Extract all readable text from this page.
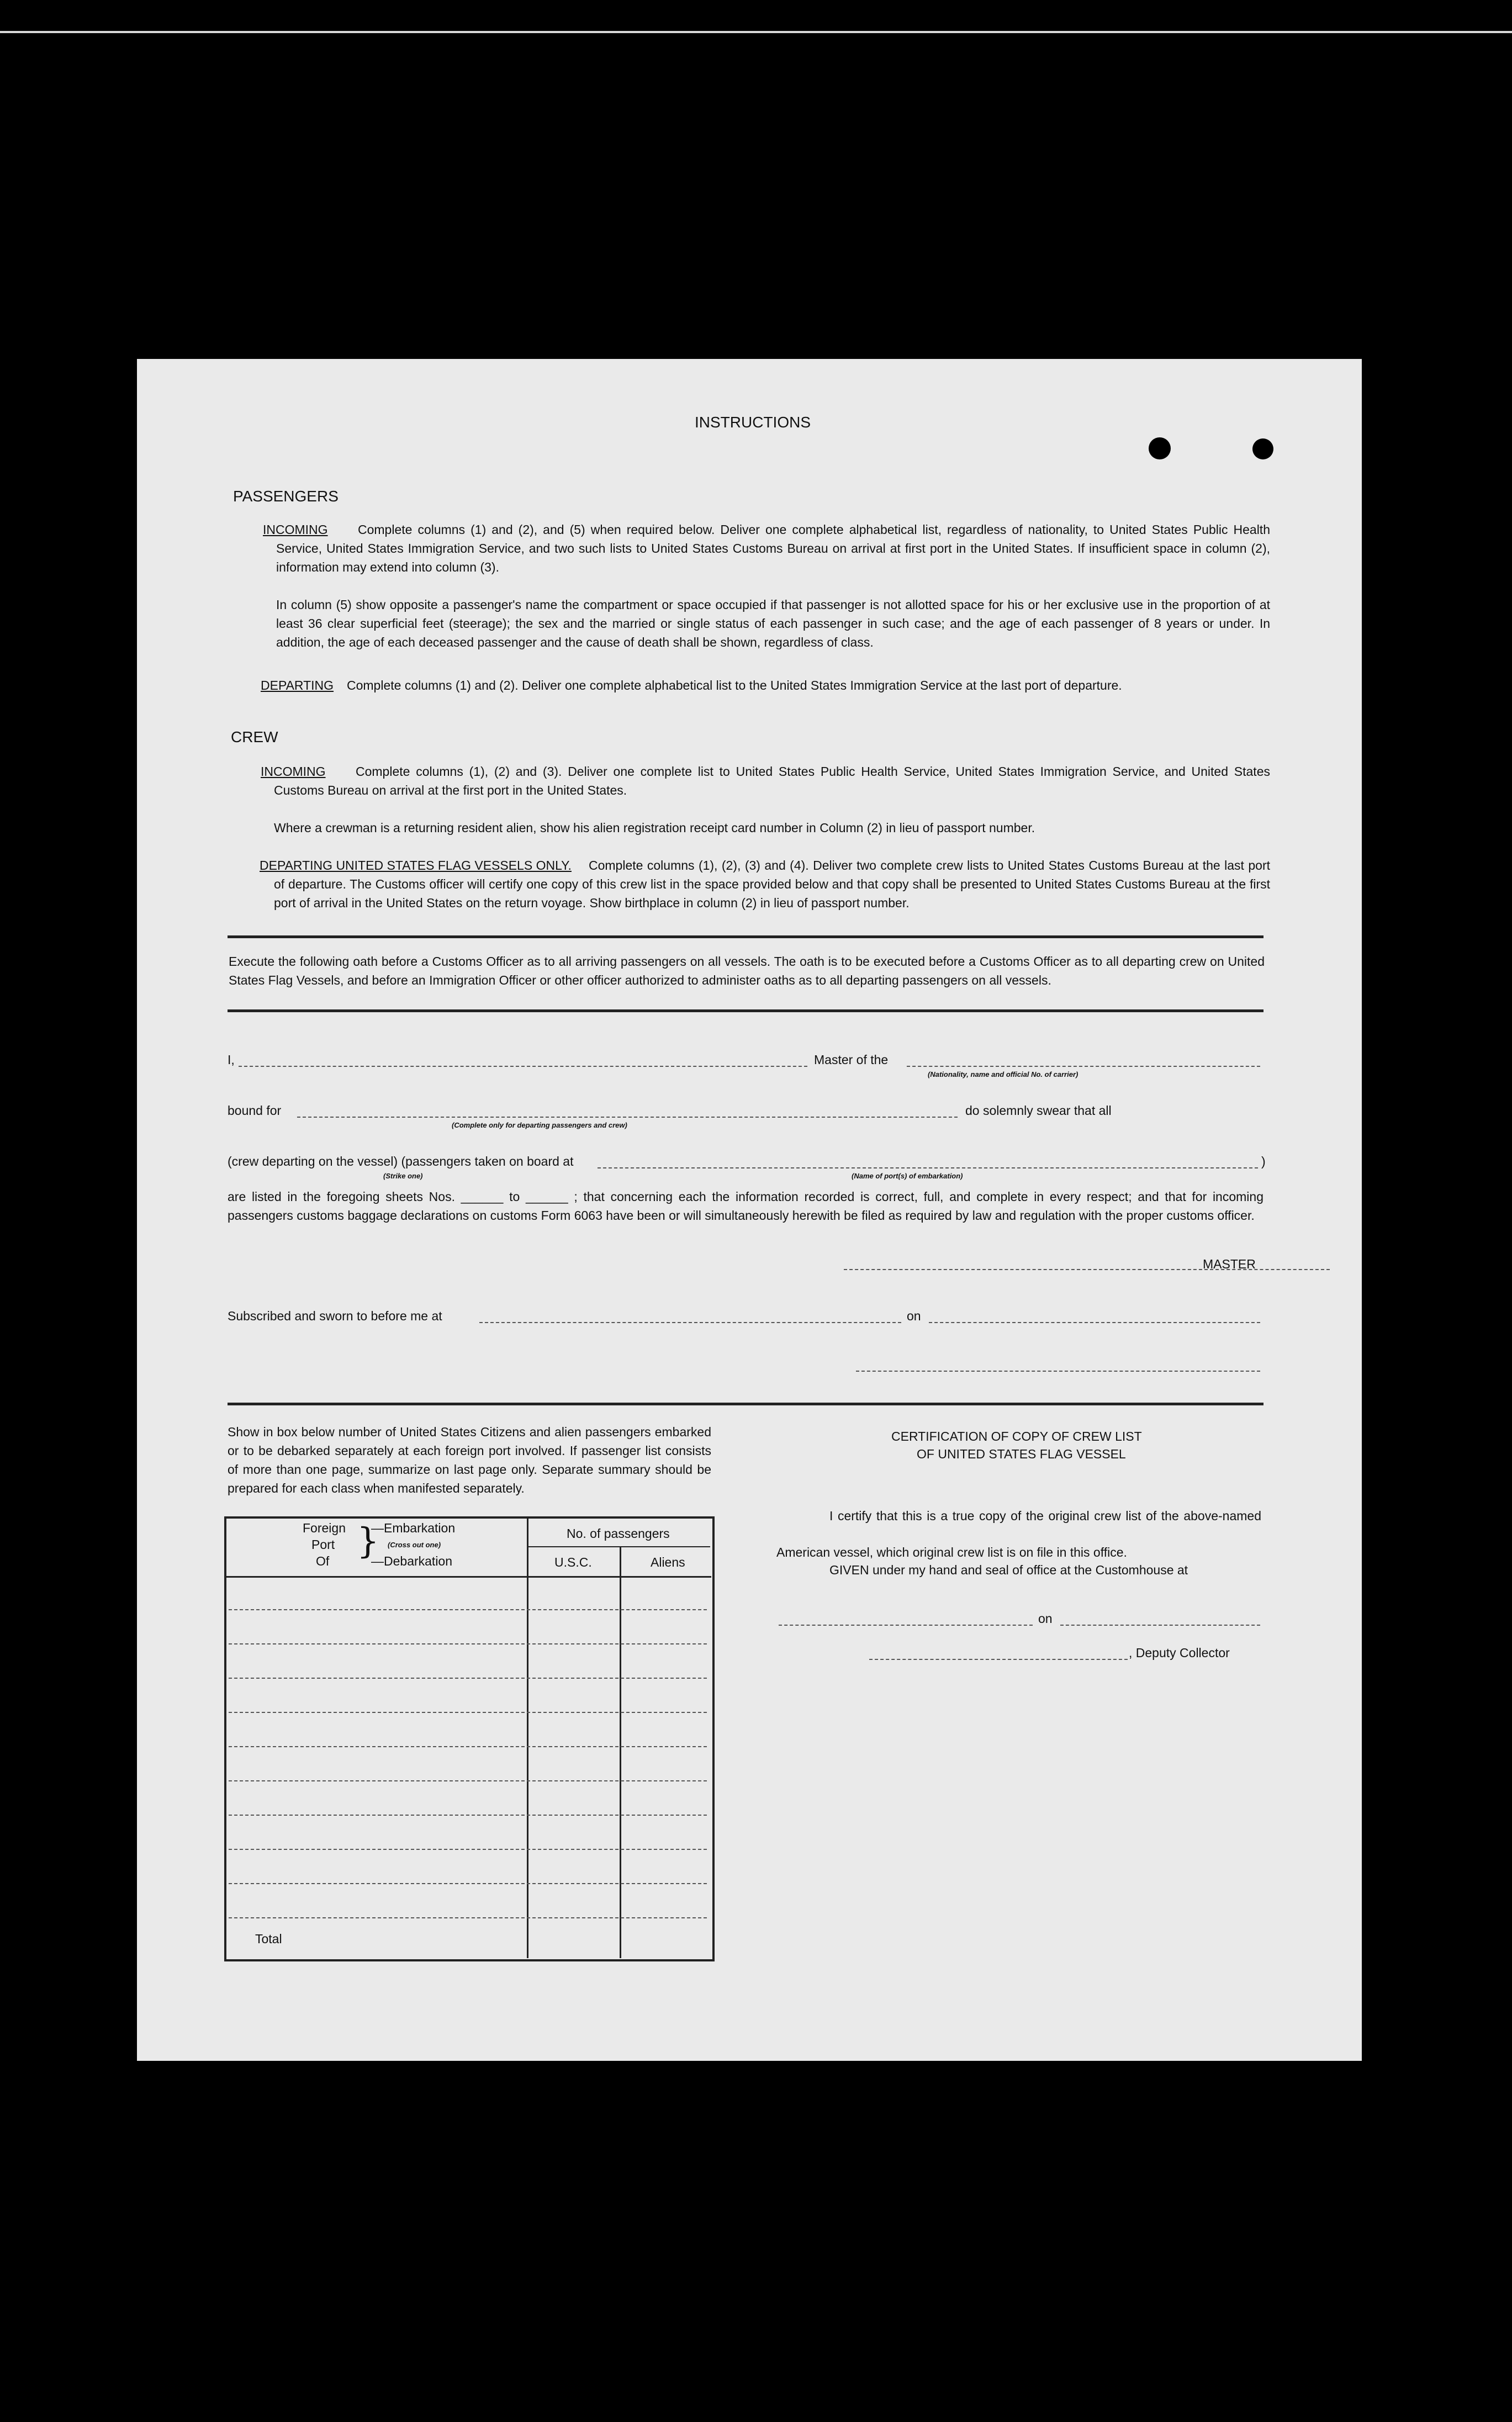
INSTRUCTIONS
PASSENGERS
INCOMING	Complete columns (1) and (2), and (5) when required below. Deliver one complete alphabetical list, regardless of nationality, to United States Public Health Service, United States Immigration Service, and two such lists to United States Customs Bureau on arrival at first port in the United States. If insufficient space in column (2), information may extend into column (3).
In column (5) show opposite a passenger's name the compartment or space occupied if that passenger is not allotted space for his or her exclusive use in the proportion of at least 36 clear superficial feet (steerage); the sex and the married or single status of each passenger in such case; and the age of each passenger of 8 years or under. In addition, the age of each deceased passenger and the cause of death shall be shown, regardless of class.
DEPARTING Complete columns (1) and (2). Deliver one complete alphabetical list to the United States Immigration Service at the last port of departure.
CREW
INCOMING	Complete columns (1), (2) and (3). Deliver one complete list to United States Public Health Service, United States Immigration Service, and United States Customs Bureau on arrival at the first port in the United States.
Where a crewman is a returning resident alien, show his alien registration receipt card number in Column (2) in lieu of passport number.
DEPARTING UNITED STATES FLAG VESSELS ONLY.	Complete columns (1), (2), (3) and (4). Deliver two complete crew lists to United States Customs Bureau at the last port of departure. The Customs officer will certify one copy of this crew list in the space provided below and that copy shall be presented to United States Customs Bureau at the first port of arrival in the United States on the return voyage. Show birthplace in column (2) in lieu of passport number.
Execute the following oath before a Customs Officer as to all arriving passengers on all vessels. The oath is to be executed before a Customs Officer as to all departing crew on United States Flag Vessels, and before an Immigration Officer or other officer authorized to administer oaths as to all departing passengers on all vessels.
I,	Master of the
(Nationality, name and official No. of carrier)
bound for
(Complete only for departing passengers and crew)
do solemnly swear that all
(crew departing on the vessel) (passengers taken on board at	)
(Strike one)	(Name of port(s) of embarkation)
are listed in the foregoing sheets Nos. ______ to ______ ; that concerning each the information recorded is correct, full, and complete in every respect; and that for incoming passengers customs baggage declarations on customs Form 6063 have been or will simultaneously herewith be filed as required by law and regulation with the proper customs officer.
MASTER
Subscribed and sworn to before me at	on
Show in box below number of United States Citizens and alien passengers embarked or to be debarked separately at each foreign port involved. If passenger list consists of more than one page, summarize on last page only. Separate summary should be prepared for each class when manifested separately.
Foreign
Port
Of }
—Embarkation
(Cross out one)
—Debarkation
No. of passengers
U.S.C.	Aliens
Total
CERTIFICATION OF COPY OF CREW LIST
OF UNITED STATES FLAG VESSEL
I certify that this is a true copy of the original crew list of the above-named American vessel, which original crew list is on file in this office.
GIVEN under my hand and seal of office at the Customhouse at
on
, Deputy Collector
